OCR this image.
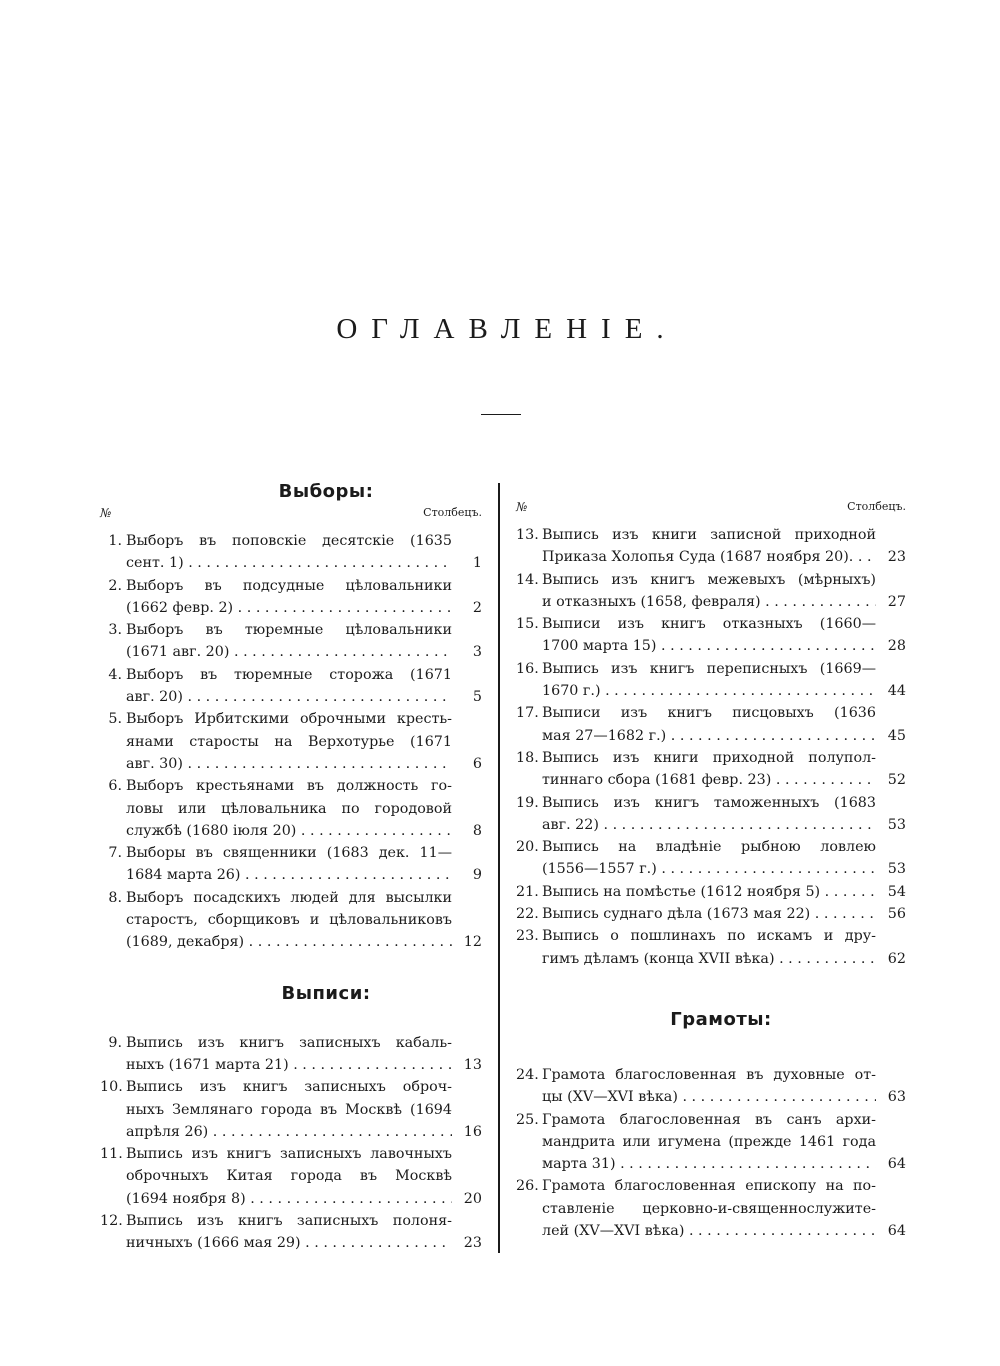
ОГЛАВЛЕНІЕ.
Выборы:
№	Столбецъ.
1. Выборъ въ поповскіе десятскіе (1635
сент. 1) . . .	1
2. Выборъ въ подсудные цѣловальники
(1662 февр. 2) . . .	2
3. Выборъ въ тюремные цѣловальники
(1671 авг. 20) . . .	3
4. Выборъ въ тюремные сторожа (1671
авг. 20) . . .	5
5. Выборъ Ирбитскими оброчными кресть-
янами старосты на Верхотурье (1671
авг. 30) . . .	6
6. Выборъ крестьянами въ должность го-
ловы или цѣловальника по городовой
службѣ (1680 іюля 20) . . .	8
7. Выборы въ священники (1683 дек. 11—
1684 марта 26) . . .	9
8. Выборъ посадскихъ людей для высылки
старостъ, сборщиковъ и цѣловальниковъ
(1689, декабря) . . .	12
Выписи:
9. Выпись изъ книгъ записныхъ кабаль-
ныхъ (1671 марта 21) . . .	13
10. Выпись изъ книгъ записныхъ оброч-
ныхъ Землянаго города въ Москвѣ (1694
апрѣля 26) . . .	16
11. Выпись изъ книгъ записныхъ лавочныхъ
оброчныхъ Китая города въ Москвѣ
(1694 ноября 8) . . .	20
12. Выпись изъ книгъ записныхъ полоня-
ничныхъ (1666 мая 29) . . .	23
№	Столбецъ.
13. Выпись изъ книги записной приходной
Приказа Холопья Суда (1687 ноября 20). . . .	23
14. Выпись изъ книгъ межевыхъ (мѣрныхъ)
и отказныхъ (1658, февраля) . . .	27
15. Выписи изъ книгъ отказныхъ (1660—
1700 марта 15) . . .	28
16. Выпись изъ книгъ переписныхъ (1669—
1670 г.) . . .	44
17. Выписи изъ книгъ писцовыхъ (1636
мая 27—1682 г.) . . .	45
18. Выпись изъ книги приходной полупол-
тиннаго сбора (1681 февр. 23) . . .	52
19. Выпись изъ книгъ таможенныхъ (1683
авг. 22) . . .	53
20. Выпись на владѣніе рыбною ловлею
(1556—1557 г.) . . .	53
21. Выпись на помѣстье (1612 ноября 5) . . .	54
22. Выпись суднаго дѣла (1673 мая 22) . . .	56
23. Выпись о пошлинахъ по искамъ и дру-
гимъ дѣламъ (конца XVII вѣка) . . .	62
Грамоты:
24. Грамота благословенная въ духовные от-
цы (XV—XVI вѣка) . . .	63
25. Грамота благословенная въ санъ архи-
мандрита или игумена (прежде 1461 года
марта 31) . . .	64
26. Грамота благословенная епископу на по-
ставленіе церковно-и-священнослужите-
лей (XV—XVI вѣка) . . .	64
